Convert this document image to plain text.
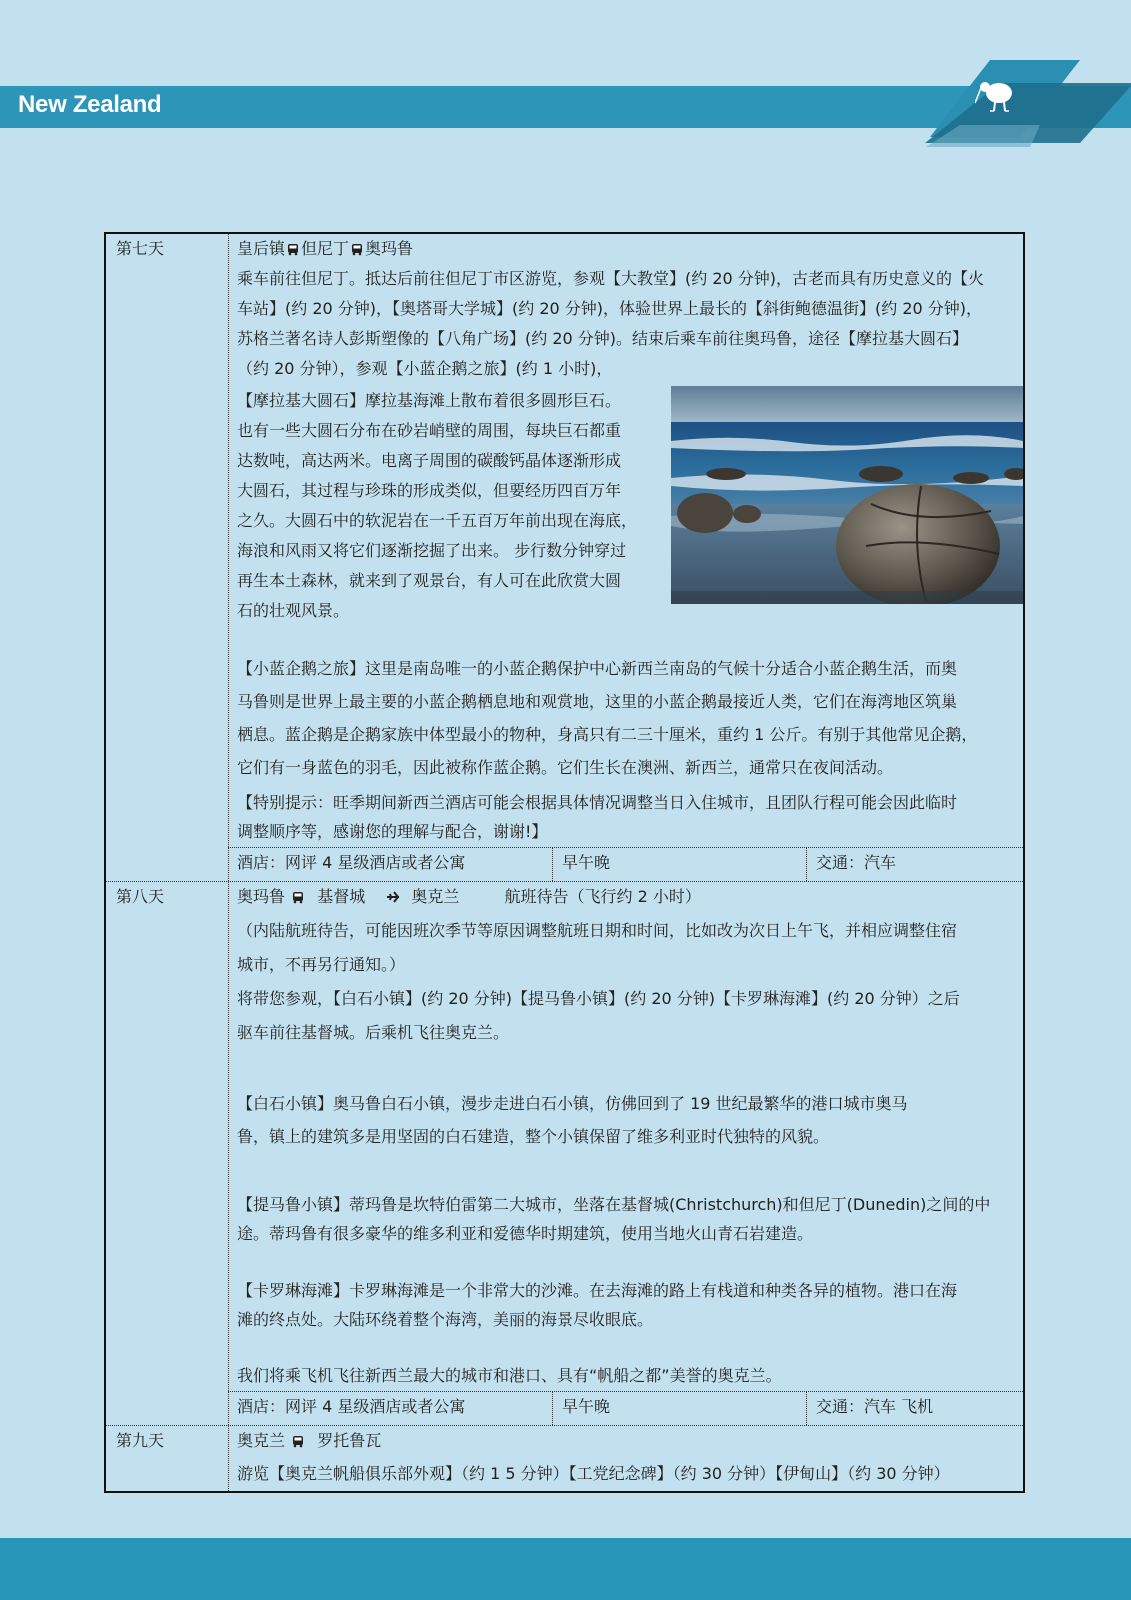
New Zealand
第七天	皇后镇 但尼丁 奥玛鲁
乘车前往但尼丁。抵达后前往但尼丁市区游览，参观【大教堂】(约 20 分钟)，古老而具有历史意义的【火
车站】(约 20 分钟)，【奥塔哥大学城】(约 20 分钟)，体验世界上最长的【斜街鲍德温街】(约 20 分钟)，
苏格兰著名诗人彭斯塑像的【八角广场】(约 20 分钟)。结束后乘车前往奥玛鲁，途径【摩拉基大圆石】
（约 20 分钟），参观【小蓝企鹅之旅】(约 1 小时)，
【摩拉基大圆石】摩拉基海滩上散布着很多圆形巨石。
也有一些大圆石分布在砂岩峭壁的周围，每块巨石都重
达数吨，高达两米。电离子周围的碳酸钙晶体逐渐形成
大圆石，其过程与珍珠的形成类似，但要经历四百万年
之久。大圆石中的软泥岩在一千五百万年前出现在海底，
海浪和风雨又将它们逐渐挖掘了出来。 步行数分钟穿过
再生本土森林，就来到了观景台，有人可在此欣赏大圆
石的壮观风景。
【小蓝企鹅之旅】这里是南岛唯一的小蓝企鹅保护中心新西兰南岛的气候十分适合小蓝企鹅生活，而奥
马鲁则是世界上最主要的小蓝企鹅栖息地和观赏地，这里的小蓝企鹅最接近人类，它们在海湾地区筑巢
栖息。蓝企鹅是企鹅家族中体型最小的物种，身高只有二三十厘米，重约 1 公斤。有别于其他常见企鹅，
它们有一身蓝色的羽毛，因此被称作蓝企鹅。它们生长在澳洲、新西兰，通常只在夜间活动。
【特别提示：旺季期间新西兰酒店可能会根据具体情况调整当日入住城市，且团队行程可能会因此临时
调整顺序等，感谢您的理解与配合，谢谢!】
酒店：网评 4 星级酒店或者公寓	早午晚	交通：汽车
第八天	奥玛鲁 基督城	奥克兰	航班待告（飞行约 2 小时）
（内陆航班待告，可能因班次季节等原因调整航班日期和时间，比如改为次日上午飞，并相应调整住宿
城市，不再另行通知。）
将带您参观，【白石小镇】(约 20 分钟)【提马鲁小镇】(约 20 分钟)【卡罗琳海滩】(约 20 分钟）之后
驱车前往基督城。后乘机飞往奥克兰。
【白石小镇】奥马鲁白石小镇，漫步走进白石小镇，仿佛回到了 19 世纪最繁华的港口城市奥马
鲁，镇上的建筑多是用坚固的白石建造，整个小镇保留了维多利亚时代独特的风貌。
【提马鲁小镇】蒂玛鲁是坎特伯雷第二大城市，坐落在基督城(Christchurch)和但尼丁(Dunedin)之间的中
途。蒂玛鲁有很多豪华的维多利亚和爱德华时期建筑，使用当地火山青石岩建造。
【卡罗琳海滩】卡罗琳海滩是一个非常大的沙滩。在去海滩的路上有栈道和种类各异的植物。港口在海
滩的终点处。大陆环绕着整个海湾，美丽的海景尽收眼底。
我们将乘飞机飞往新西兰最大的城市和港口、具有“帆船之都”美誉的奥克兰。
酒店：网评 4 星级酒店或者公寓	早午晚	交通：汽车 飞机
第九天	奥克兰 罗托鲁瓦
游览【奥克兰帆船俱乐部外观】（约 1 5 分钟）【工党纪念碑】（约 30 分钟）【伊甸山】（约 30 分钟）
